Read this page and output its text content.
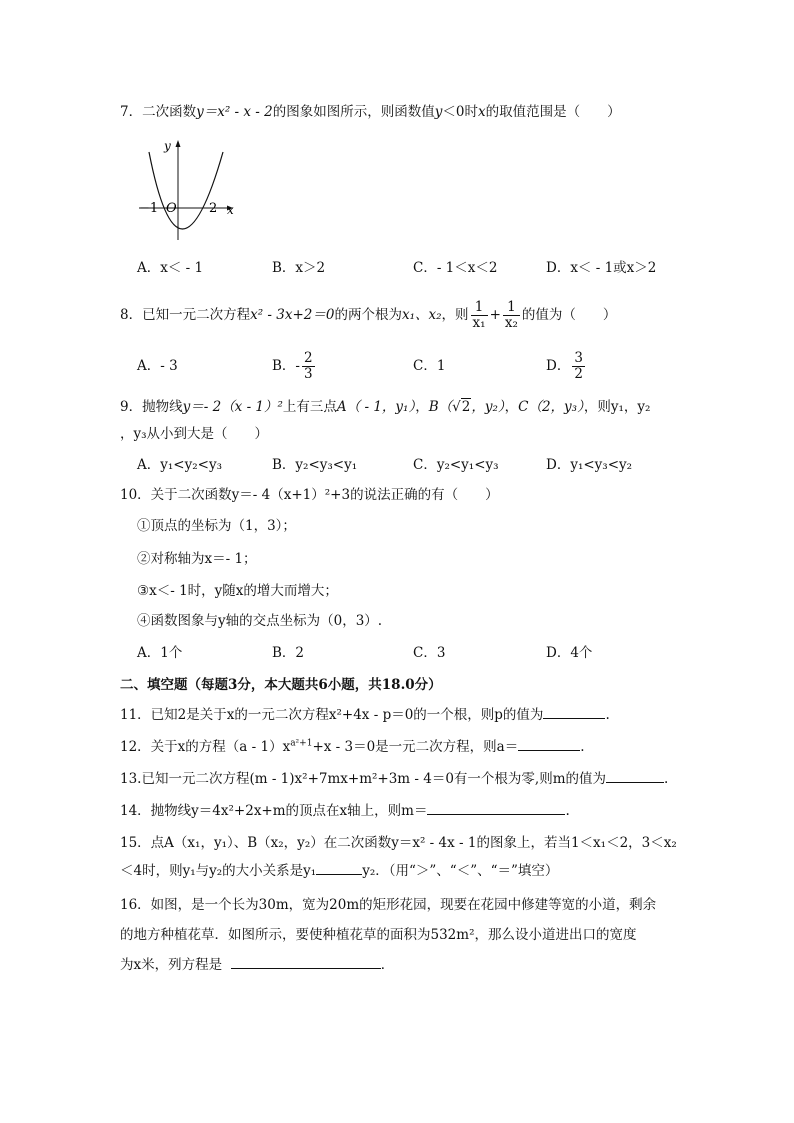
7．二次函数y＝x² - x - 2的图象如图所示，则函数值y＜0时x的取值范围是（　　）
y
x
O
−1	2
A．x＜ - 1	B．x＞2	C．- 1＜x＜2	D．x＜ - 1或x＞2
8．已知一元二次方程x² - 3x+2＝0的两个根为x₁、x₂，则 $\frac{1}{\text{x₁}} + \frac{1}{\text{x₂}}$ 的值为（　　）
A．- 3	B．- $\frac{2}{3}$	C．1	D． $\frac{3}{2}$
9．抛物线y＝- 2（x - 1）²上有三点A（ - 1，y₁），B（√2，y₂），C（2，y₃），则y₁，y₂
，y₃从小到大是（　　）
A．y₁<y₂<y₃	B．y₂<y₃<y₁	C．y₂<y₁<y₃	D．y₁<y₃<y₂
10．关于二次函数y＝- 4（x+1）²+3的说法正确的有（　　）
①顶点的坐标为（1，3）；
②对称轴为x＝- 1；
③x＜- 1时，y随x的增大而增大；
④函数图象与y轴的交点坐标为（0，3）.
A．1个	B．2	C．3	D．4个
二、填空题（每题3分，本大题共6小题，共18.0分）
11．已知2是关于x的一元二次方程x²+4x - p＝0的一个根，则p的值为	.
12．关于x的方程$(a - 1)x^{a^2+1}+x - 3=0$是一元二次方程，则a＝	.
13.已知一元二次方程(m - 1)x²+7mx+m²+3m - 4＝0有一个根为零,则m的值为	.
14．抛物线y＝4x²+2x+m的顶点在x轴上，则m＝	.
15．点A（x₁，y₁）、B（x₂，y₂）在二次函数y＝x² - 4x - 1的图象上，若当1＜x₁＜2，3＜x₂
＜4时，则y₁与y₂的大小关系是y₁	y₂．（用“＞”、“＜”、“＝”填空）
16．如图，是一个长为30m，宽为20m的矩形花园，现要在花园中修建等宽的小道，剩余
的地方种植花草．如图所示，要使种植花草的面积为532m²，那么设小道进出口的宽度
为x米，列方程是	．
